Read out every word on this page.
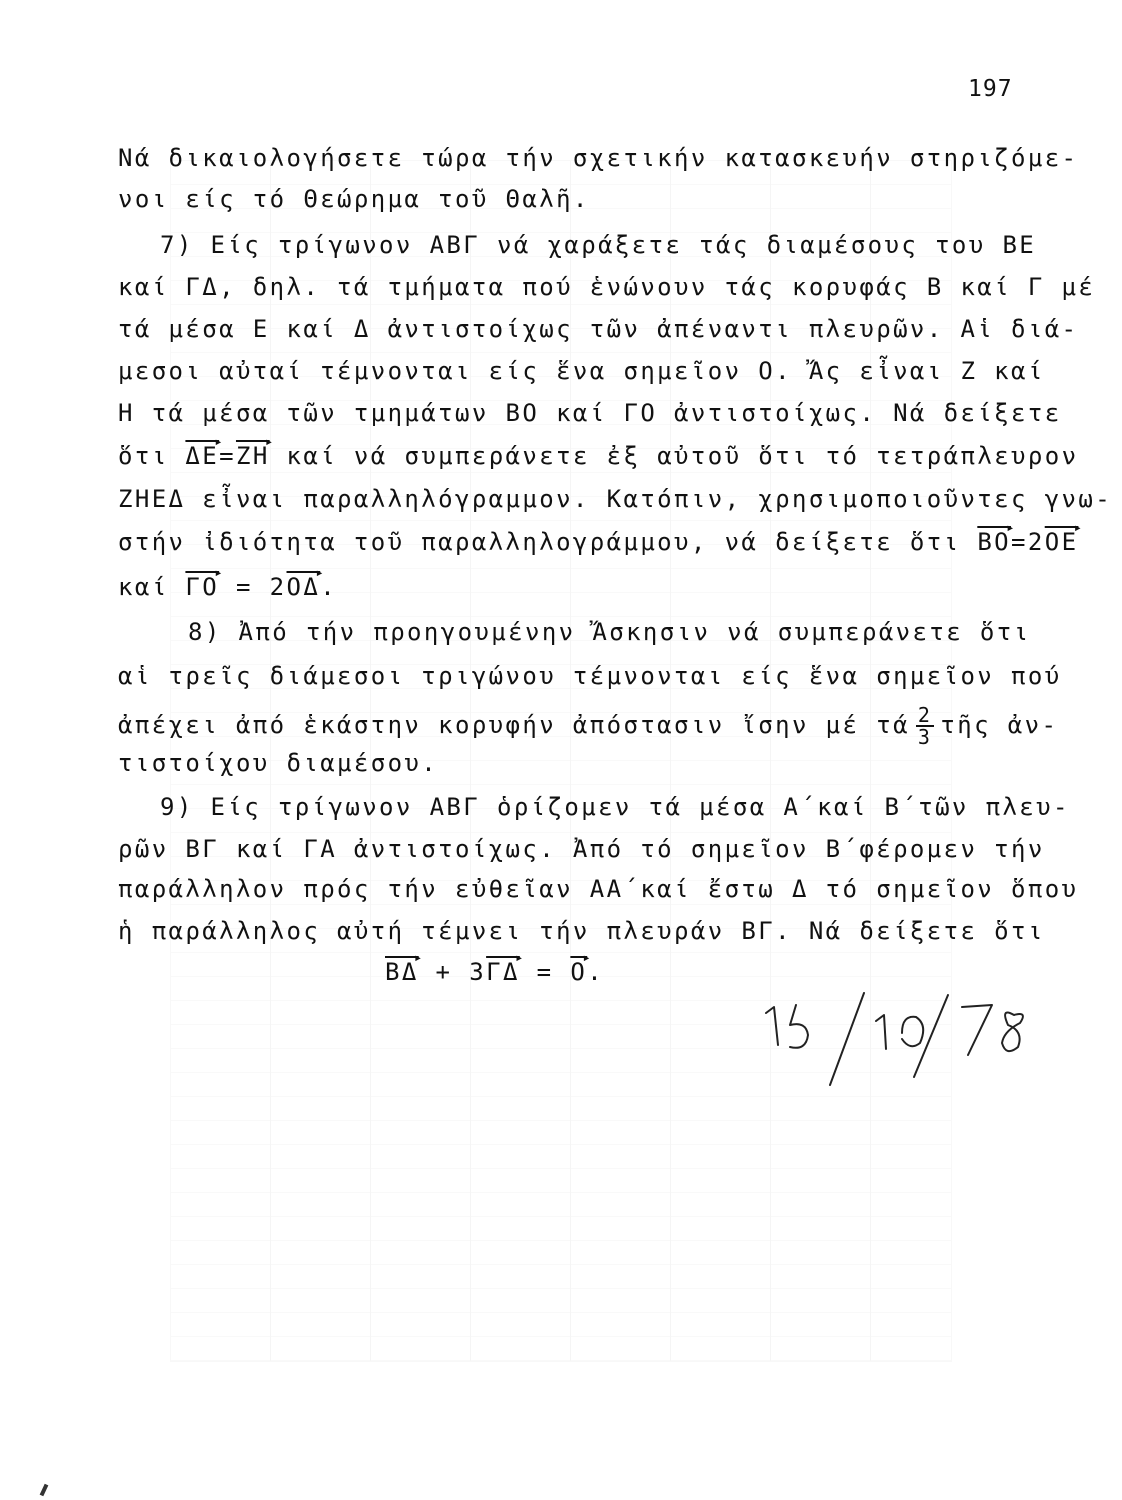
197
Νά δικαιολογήσετε τώρα τήν σχετικήν κατασκευήν στηριζόμε-
νοι είς τό Θεώρημα τοῦ Θαλῆ.
7) Είς τρίγωνον ΑΒΓ νά χαράξετε τάς διαμέσους του ΒΕ
καί ΓΔ, δηλ. τά τμήματα πού ἑνώνουν τάς κορυφάς Β καί Γ μέ
τά μέσα Ε καί Δ ἀντιστοίχως τῶν ἀπέναντι πλευρῶν. Αἱ διά-
μεσοι αὐταί τέμνονται είς ἕνα σημεῖον Ο. Ἄς εἶναι Ζ καί
Η τά μέσα τῶν τμημάτων ΒΟ καί ΓΟ ἀντιστοίχως. Νά δείξετε
ὅτι $\overline{\Delta E}$ $▸=\overline{ZH}$ ▸ καί νά συμπεράνετε ἐξ αὐτοῦ ὅτι τό τετράπλευρον
ΖΗΕΔ εἶναι παραλληλόγραμμον. Κατόπιν, χρησιμοποιοῦντες γνω-
στήν ἰδιότητα τοῦ παραλληλογράμμου, νά δείξετε ὅτι $\overline{BO}$ $▸=2\overline{OE}$ ▸
καί $\overline{\Gamma O}$ ▸ = $2\overline{O\Delta}$ ▸.
8) Ἀπό τήν προηγουμένην Ἄσκησιν νά συμπεράνετε ὅτι
αἱ τρεῖς διάμεσοι τριγώνου τέμνονται είς ἕνα σημεῖον πού
ἀπέχει ἀπό ἑκάστην κορυφήν ἀπόστασιν ἴσην μέ τά $\frac{2}{3}$ τῆς ἀν-
τιστοίχου διαμέσου.
9) Είς τρίγωνον ΑΒΓ ὁρίζομεν τά μέσα Α΄καί Β΄τῶν πλευ-
ρῶν ΒΓ καί ΓΑ ἀντιστοίχως. Ἀπό τό σημεῖον Β΄φέρομεν τήν
παράλληλον πρός τήν εὐθεῖαν ΑΑ΄καί ἔστω Δ τό σημεῖον ὅπου
ἡ παράλληλος αὐτή τέμνει τήν πλευράν ΒΓ. Νά δείξετε ὅτι
$\overline{B\Delta}$ ▸ + $3\overline{\Gamma\Delta}$ ▸ = $\overline{O}$ ▸.
